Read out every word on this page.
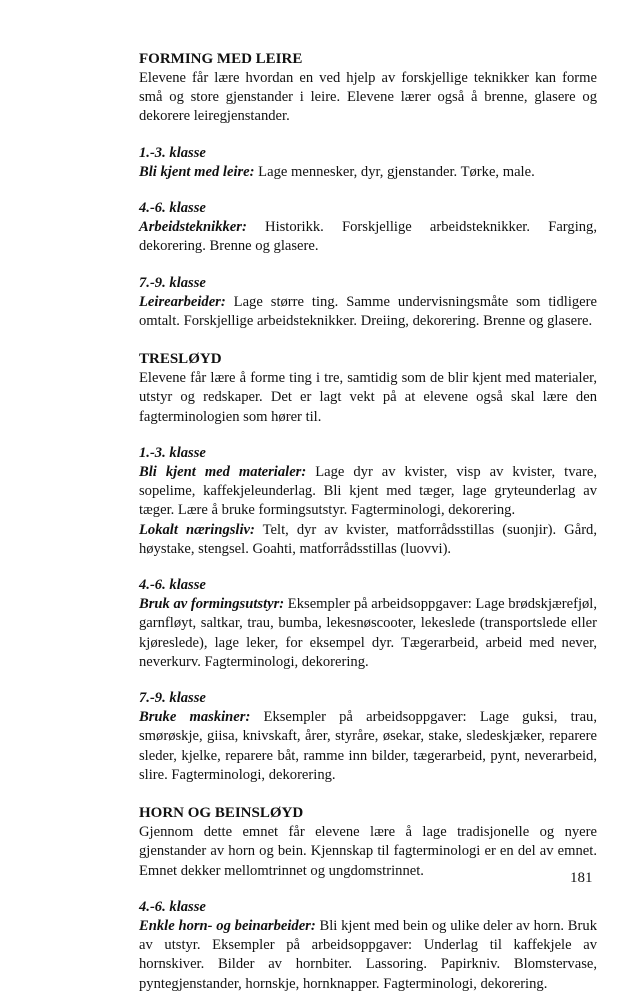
FORMING MED LEIRE

Elevene får lære hvordan en ved hjelp av forskjellige teknikker kan forme små og store gjenstander i leire. Elevene lærer også å brenne, glasere og dekorere leiregjenstander.

1.-3. klasse

Bli kjent med leire: Lage mennesker, dyr, gjenstander. Tørke, male.

4.-6. klasse

Arbeidsteknikker: Historikk. Forskjellige arbeidsteknikker. Farging, dekorering. Brenne og glasere.

7.-9. klasse

Leirearbeider: Lage større ting. Samme undervisningsmåte som tidligere omtalt. Forskjellige arbeidsteknikker. Dreiing, dekorering. Brenne og glasere.

TRESLØYD

Elevene får lære å forme ting i tre, samtidig som de blir kjent med materialer, utstyr og redskaper. Det er lagt vekt på at elevene også skal lære den fagterminologien som hører til.

1.-3. klasse

Bli kjent med materialer: Lage dyr av kvister, visp av kvister, tvare, sopelime, kaffekjeleunderlag. Bli kjent med tæger, lage gryteunderlag av tæger. Lære å bruke formingsutstyr. Fagterminologi, dekorering.

Lokalt næringsliv: Telt, dyr av kvister, matforrådsstillas (suonjir). Gård, høystake, stengsel. Goahti, matforrådsstillas (luovvi).

4.-6. klasse

Bruk av formingsutstyr: Eksempler på arbeidsoppgaver: Lage brødskjærefjøl, garnfløyt, saltkar, trau, bumba, lekesnøscooter, lekeslede (transportslede eller kjøreslede), lage leker, for eksempel dyr. Tægerarbeid, arbeid med never, neverkurv. Fagterminologi, dekorering.

7.-9. klasse

Bruke maskiner: Eksempler på arbeidsoppgaver: Lage guksi, trau, smørøskje, giisa, knivskaft, årer, styråre, øsekar, stake, sledeskjæker, reparere sleder, kjelke, reparere båt, ramme inn bilder, tægerarbeid, pynt, neverarbeid, slire. Fagterminologi, dekorering.

HORN OG BEINSLØYD

Gjennom dette emnet får elevene lære å lage tradisjonelle og nyere gjenstander av horn og bein. Kjennskap til fagterminologi er en del av emnet. Emnet dekker mellomtrinnet og ungdomstrinnet.

4.-6. klasse

Enkle horn- og beinarbeider: Bli kjent med bein og ulike deler av horn. Bruk av utstyr. Eksempler på arbeidsoppgaver: Underlag til kaffekjele av hornskiver. Bilder av hornbiter. Lassoring. Papirkniv. Blomstervase, pyntegjenstander, hornskje, hornknapper. Fagterminologi, dekorering.

181
